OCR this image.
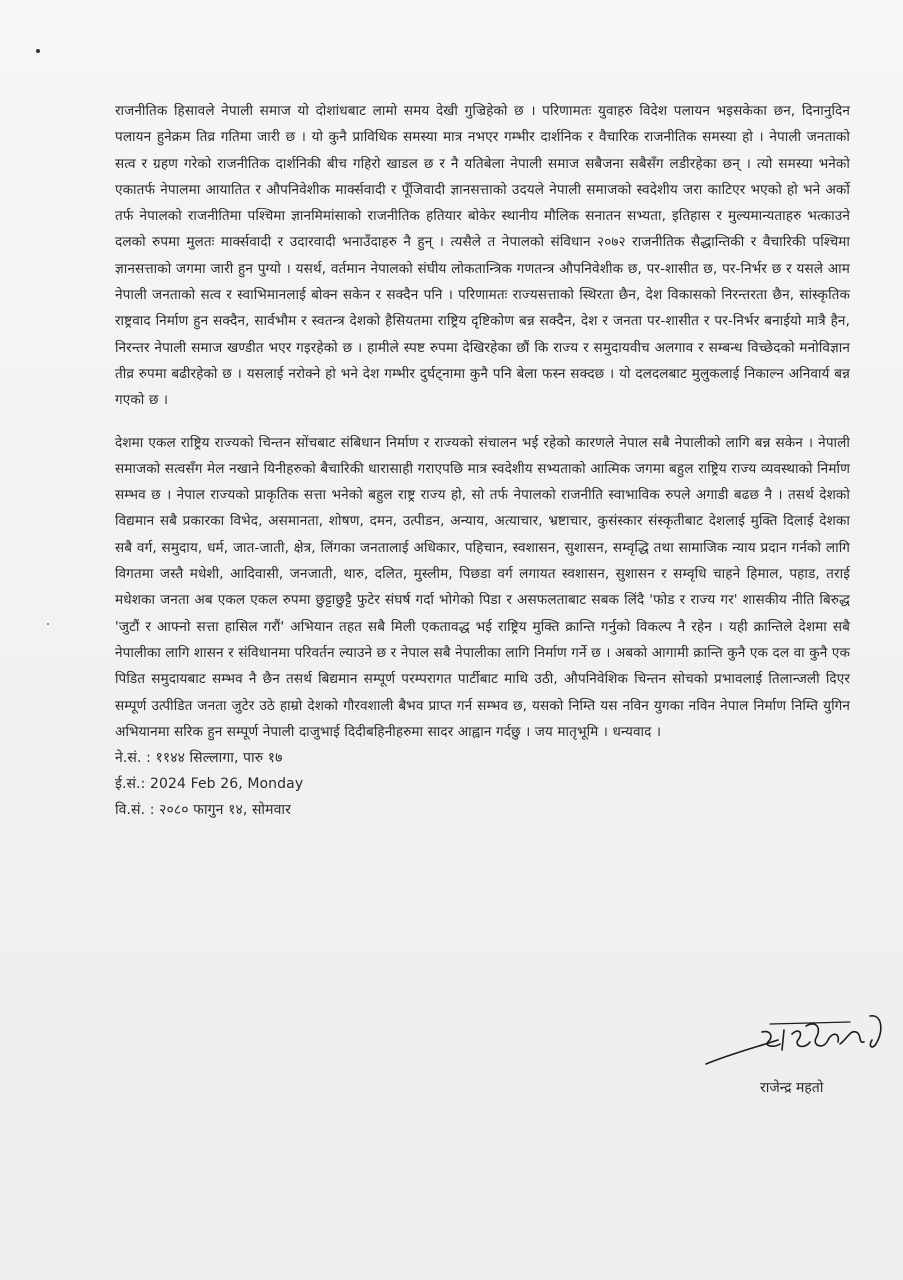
राजनीतिक हिसावले नेपाली समाज यो दोशांधबाट लामो समय देखी गुज्रिहेको छ । परिणामतः युवाहरु विदेश पलायन भइसकेका छन, दिनानुदिन पलायन हुनेक्रम तिव्र गतिमा जारी छ । यो कुनै प्राविधिक समस्या मात्र नभएर गम्भीर दार्शनिक र वैचारिक राजनीतिक समस्या हो । नेपाली जनताको सत्व र ग्रहण गरेको राजनीतिक दार्शनिकी बीच गहिरो खाडल छ र नै यतिबेला नेपाली समाज सबैजना सबैसँग लडीरहेका छन् । त्यो समस्या भनेको एकातर्फ नेपालमा आयातित र औपनिवेशीक मार्क्सवादी र पूँजिवादी ज्ञानसत्ताको उदयले नेपाली समाजको स्वदेशीय जरा काटिएर भएको हो भने अर्को तर्फ नेपालको राजनीतिमा पश्चिमा ज्ञानमिमांसाको राजनीतिक हतियार बोकेर स्थानीय मौलिक सनातन सभ्यता, इतिहास र मुल्यमान्यताहरु भत्काउने दलको रुपमा मुलतः मार्क्सवादी र उदारवादी भनाउँदाहरु नै हुन् । त्यसैले त नेपालको संविधान २०७२ राजनीतिक सैद्धान्तिकी र वैचारिकी पश्चिमा ज्ञानसत्ताको जगमा जारी हुन पुग्यो । यसर्थ, वर्तमान नेपालको संघीय लोकतान्त्रिक गणतन्त्र औपनिवेशीक छ, पर-शासीत छ, पर-निर्भर छ र यसले आम नेपाली जनताको सत्व र स्वाभिमानलाई बोक्न सकेन र सक्दैन पनि । परिणामतः राज्यसत्ताको स्थिरता छैन, देश विकासको निरन्तरता छैन, सांस्कृतिक राष्ट्रवाद निर्माण हुन सक्दैन, सार्वभौम र स्वतन्त्र देशको हैसियतमा राष्ट्रिय दृष्टिकोण बन्न सक्दैन, देश र जनता पर-शासीत र पर-निर्भर बनाईयो मात्रै हैन, निरन्तर नेपाली समाज खण्डीत भएर गइरहेको छ । हामीले स्पष्ट रुपमा देखिरहेका छौं कि राज्य र समुदायवीच अलगाव र सम्बन्ध विच्छेदको मनोविज्ञान तीव्र रुपमा बढीरहेको छ । यसलाई नरोक्ने हो भने देश गम्भीर दुर्घट्नामा कुनै पनि बेला फस्न सक्दछ । यो दलदलबाट मुलुकलाई निकाल्न अनिवार्य बन्न गएको छ ।

देशमा एकल राष्ट्रिय राज्यको चिन्तन सोंचबाट संबिधान निर्माण र राज्यको संचालन भई रहेको कारणले नेपाल सबै नेपालीको लागि बन्न सकेन । नेपाली समाजको सत्वसँग मेल नखाने यिनीहरुको बैचारिकी धारासाही गराएपछि मात्र स्वदेशीय सभ्यताको आत्मिक जगमा बहुल राष्ट्रिय राज्य व्यवस्थाको निर्माण सम्भव छ । नेपाल राज्यको प्राकृतिक सत्ता भनेको बहुल राष्ट्र राज्य हो, सो तर्फ नेपालको राजनीति स्वाभाविक रुपले अगाडी बढछ नै । तसर्थ देशको विद्यमान सबै प्रकारका विभेद, असमानता, शोषण, दमन, उत्पीडन, अन्याय, अत्याचार, भ्रष्टाचार, कुसंस्कार संस्कृतीबाट देशलाई मुक्ति दिलाई देशका सबै वर्ग, समुदाय, धर्म, जात-जाती, क्षेत्र, लिंगका जनतालाई अधिकार, पहिचान, स्वशासन, सुशासन, सम्वृद्धि तथा सामाजिक न्याय प्रदान गर्नको लागि विगतमा जस्तै मधेशी, आदिवासी, जनजाती, थारु, दलित, मुस्लीम, पिछडा वर्ग लगायत स्वशासन, सुशासन र सम्वृधि चाहने हिमाल, पहाड, तराई मधेशका जनता अब एकल एकल रुपमा छुट्टाछुट्टै फुटेर संघर्ष गर्दा भोगेको पिडा र असफलताबाट सबक लिंदै 'फोड र राज्य गर' शासकीय नीति बिरुद्ध 'जुटौं र आफ्नो सत्ता हासिल गरौं' अभियान तहत सबै मिली एकतावद्ध भई राष्ट्रिय मुक्ति क्रान्ति गर्नुको विकल्प नै रहेन । यही क्रान्तिले देशमा सबै नेपालीका लागि शासन र संविधानमा परिवर्तन ल्याउने छ र नेपाल सबै नेपालीका लागि निर्माण गर्ने छ । अबको आगामी क्रान्ति कुनै एक दल वा कुनै एक पिडित समुदायबाट सम्भव नै छैन तसर्थ बिद्यमान सम्पूर्ण परम्परागत पार्टीबाट माथि उठी, औपनिवेशिक चिन्तन सोचको प्रभावलाई तिलान्जली दिएर सम्पूर्ण उत्पीडित जनता जुटेर उठे हाम्रो देशको गौरवशाली बैभव प्राप्त गर्न सम्भव छ, यसको निम्ति यस नविन युगका नविन नेपाल निर्माण निम्ति युगिन अभियानमा सरिक हुन सम्पूर्ण नेपाली दाजुभाई दिदीबहिनीहरुमा सादर आह्वान गर्दछु । जय मातृभूमि । धन्यवाद ।

ने.सं. : ११४४ सिल्लागा, पारु १७

ई.सं.: 2024 Feb 26, Monday

वि.सं. : २०८० फागुन १४, सोमवार

राजेन्द्र महतो
